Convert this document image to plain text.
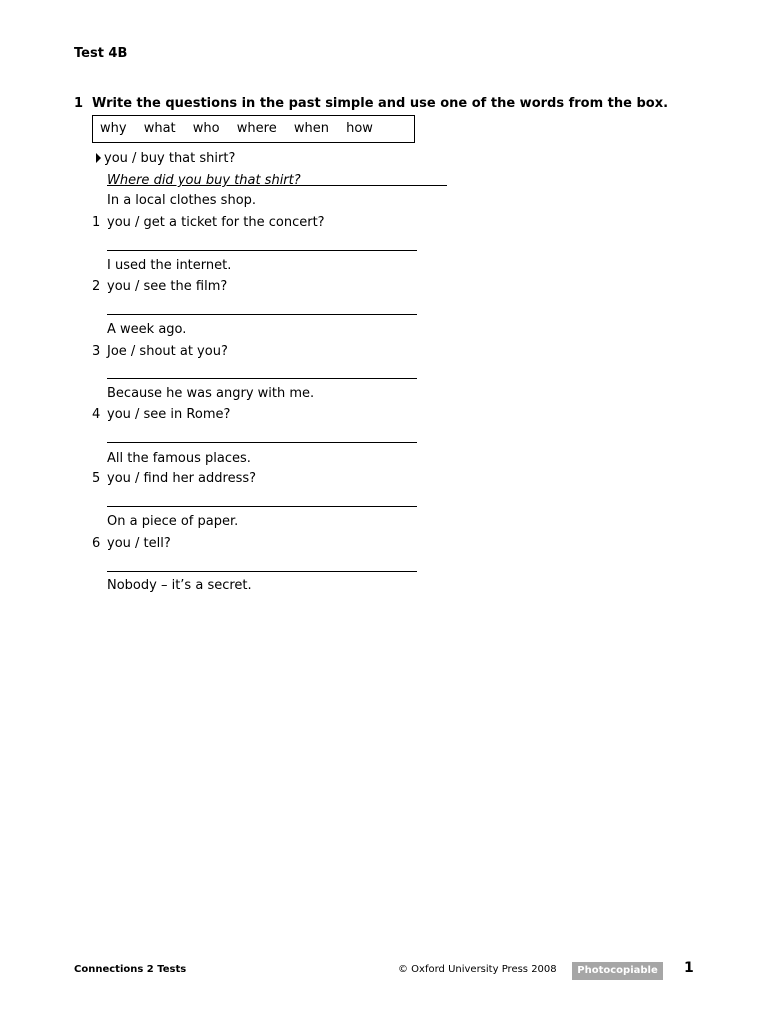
Test 4B
1 Write the questions in the past simple and use one of the words from the box.
why what who where when how
you / buy that shirt?
Where did you buy that shirt?
In a local clothes shop.
1 you / get a ticket for the concert?
I used the internet.
2 you / see the film?
A week ago.
3 Joe / shout at you?
Because he was angry with me.
4 you / see in Rome?
All the famous places.
5 you / find her address?
On a piece of paper.
6 you / tell?
Nobody – it’s a secret.
Connections 2 Tests	© Oxford University Press 2008	Photocopiable	1
